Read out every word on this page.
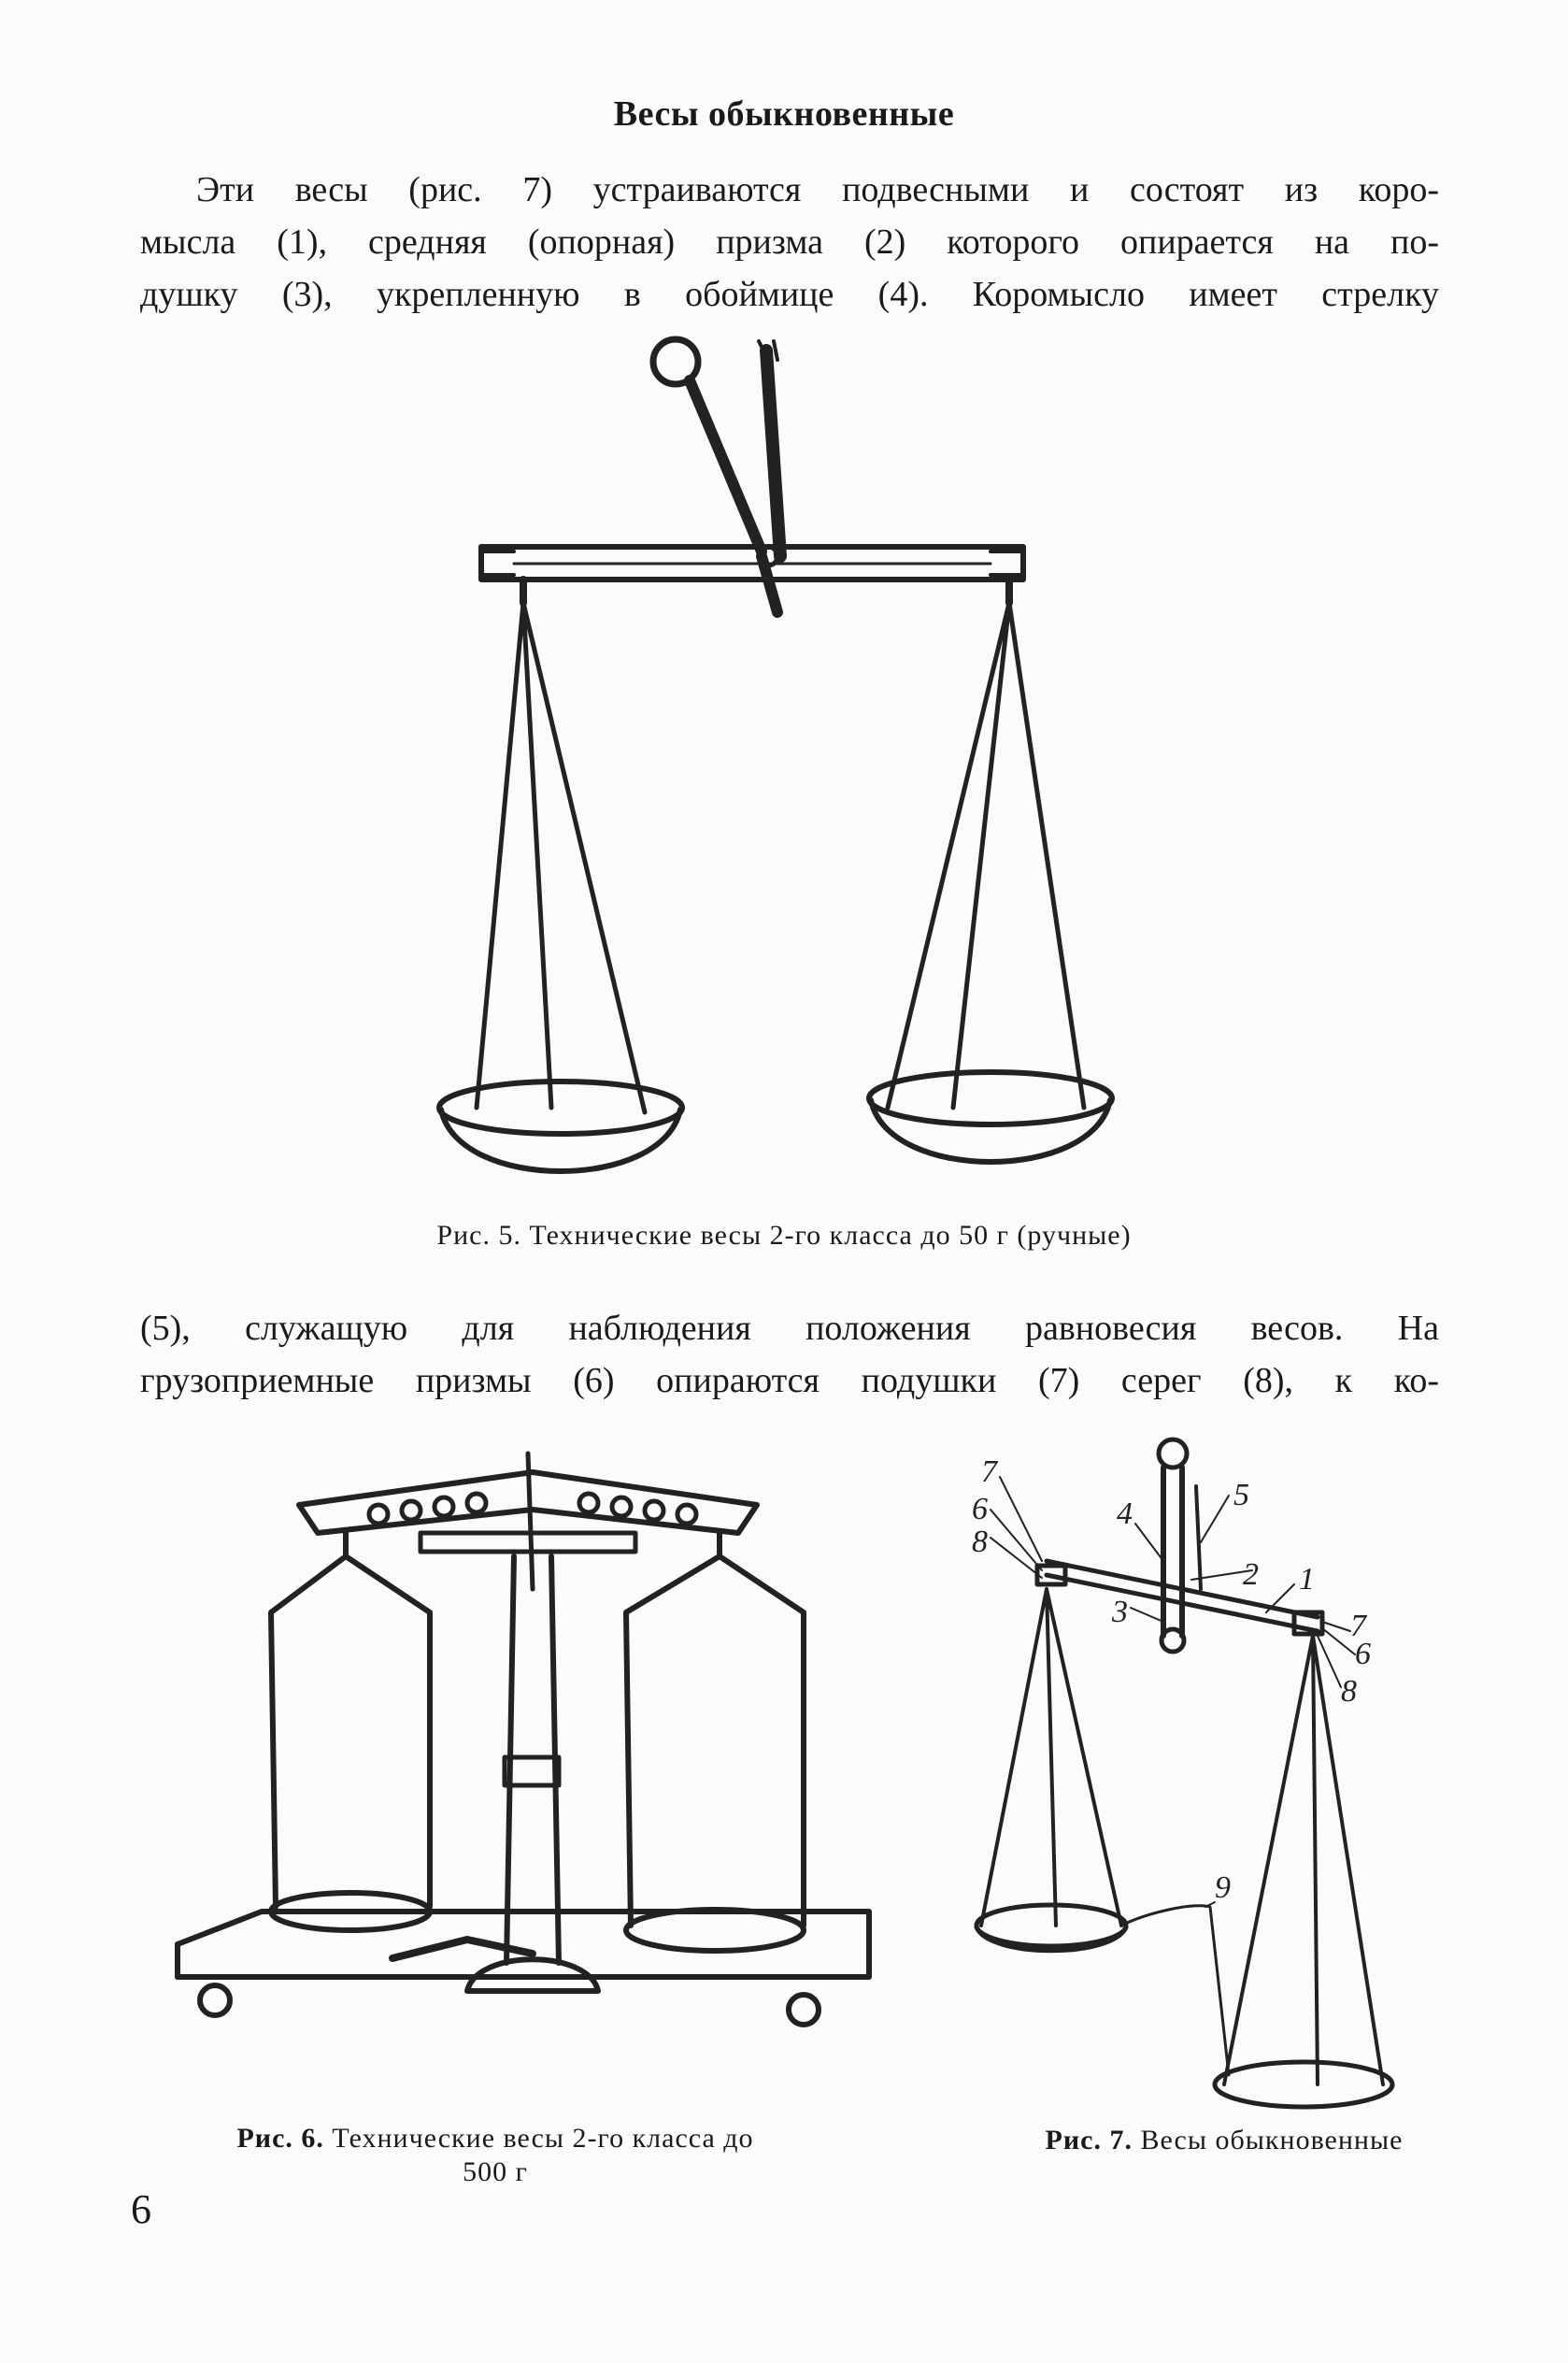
Весы обыкновенные
Эти весы (рис. 7) устраиваются подвесными и состоят из коро-
мысла (1), средняя (опорная) призма (2) которого опирается на по-
душку (3), укрепленную в обоймице (4). Коромысло имеет стрелку
Рис. 5. Технические весы 2-го класса до 50 г (ручные)
(5), служащую для наблюдения положения равновесия весов. На
грузоприемные призмы (6) опираются подушки (7) серег (8), к ко-
Рис. 6. Технические весы 2-го класса до
500 г
7
6
8
4
5
2
3
1
7
6
8
9
Рис. 7. Весы обыкновенные
6
